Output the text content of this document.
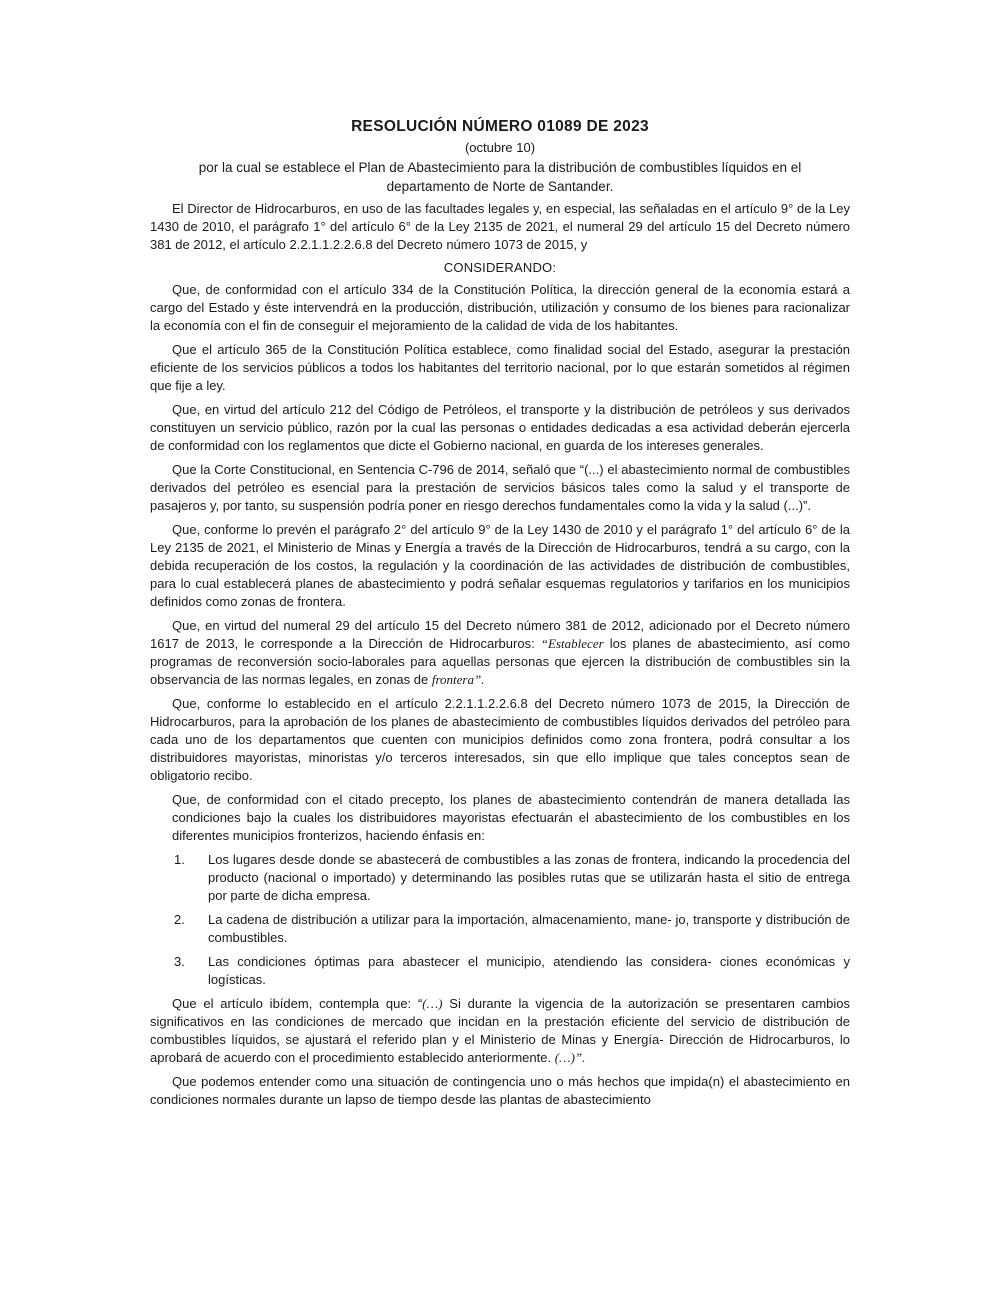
RESOLUCIÓN NÚMERO 01089 DE 2023
(octubre 10)
por la cual se establece el Plan de Abastecimiento para la distribución de combustibles líquidos en el departamento de Norte de Santander.

El Director de Hidrocarburos, en uso de las facultades legales y, en especial, las señaladas en el artículo 9° de la Ley 1430 de 2010, el parágrafo 1° del artículo 6° de la Ley 2135 de 2021, el numeral 29 del artículo 15 del Decreto número 381 de 2012, el artículo 2.2.1.1.2.2.6.8 del Decreto número 1073 de 2015, y

CONSIDERANDO:

Que, de conformidad con el artículo 334 de la Constitución Política, la dirección general de la economía estará a cargo del Estado y éste intervendrá en la producción, distribución, utilización y consumo de los bienes para racionalizar la economía con el fin de conseguir el mejoramiento de la calidad de vida de los habitantes.

Que el artículo 365 de la Constitución Política establece, como finalidad social del Estado, asegurar la prestación eficiente de los servicios públicos a todos los habitantes del territorio nacional, por lo que estarán sometidos al régimen que fije a ley.

Que, en virtud del artículo 212 del Código de Petróleos, el transporte y la distribución de petróleos y sus derivados constituyen un servicio público, razón por la cual las personas o entidades dedicadas a esa actividad deberán ejercerla de conformidad con los reglamentos que dicte el Gobierno nacional, en guarda de los intereses generales.

Que la Corte Constitucional, en Sentencia C-796 de 2014, señaló que “(...) el abastecimiento normal de combustibles derivados del petróleo es esencial para la prestación de servicios básicos tales como la salud y el transporte de pasajeros y, por tanto, su suspensión podría poner en riesgo derechos fundamentales como la vida y la salud (...)”.

Que, conforme lo prevén el parágrafo 2° del artículo 9° de la Ley 1430 de 2010 y el parágrafo 1° del artículo 6° de la Ley 2135 de 2021, el Ministerio de Minas y Energía a través de la Dirección de Hidrocarburos, tendrá a su cargo, con la debida recuperación de los costos, la regulación y la coordinación de las actividades de distribución de combustibles, para lo cual establecerá planes de abastecimiento y podrá señalar esquemas regulatorios y tarifarios en los municipios definidos como zonas de frontera.

Que, en virtud del numeral 29 del artículo 15 del Decreto número 381 de 2012, adicionado por el Decreto número 1617 de 2013, le corresponde a la Dirección de Hidrocarburos: “Establecer los planes de abastecimiento, así como programas de reconversión socio-laborales para aquellas personas que ejercen la distribución de combustibles sin la observancia de las normas legales, en zonas de frontera”.

Que, conforme lo establecido en el artículo 2.2.1.1.2.2.6.8 del Decreto número 1073 de 2015, la Dirección de Hidrocarburos, para la aprobación de los planes de abastecimiento de combustibles líquidos derivados del petróleo para cada uno de los departamentos que cuenten con municipios definidos como zona frontera, podrá consultar a los distribuidores mayoristas, minoristas y/o terceros interesados, sin que ello implique que tales conceptos sean de obligatorio recibo.

Que, de conformidad con el citado precepto, los planes de abastecimiento contendrán de manera detallada las condiciones bajo la cuales los distribuidores mayoristas efectuarán el abastecimiento de los combustibles en los diferentes municipios fronterizos, haciendo énfasis en:

1. Los lugares desde donde se abastecerá de combustibles a las zonas de frontera, indicando la procedencia del producto (nacional o importado) y determinando las posibles rutas que se utilizarán hasta el sitio de entrega por parte de dicha empresa.
2. La cadena de distribución a utilizar para la importación, almacenamiento, mane- jo, transporte y distribución de combustibles.
3. Las condiciones óptimas para abastecer el municipio, atendiendo las considera- ciones económicas y logísticas.

Que el artículo ibídem, contempla que: “(…) Si durante la vigencia de la autorización se presentaren cambios significativos en las condiciones de mercado que incidan en la prestación eficiente del servicio de distribución de combustibles líquidos, se ajustará el referido plan y el Ministerio de Minas y Energía- Dirección de Hidrocarburos, lo aprobará de acuerdo con el procedimiento establecido anteriormente. (…)”.

Que podemos entender como una situación de contingencia uno o más hechos que impida(n) el abastecimiento en condiciones normales durante un lapso de tiempo desde las plantas de abastecimiento
